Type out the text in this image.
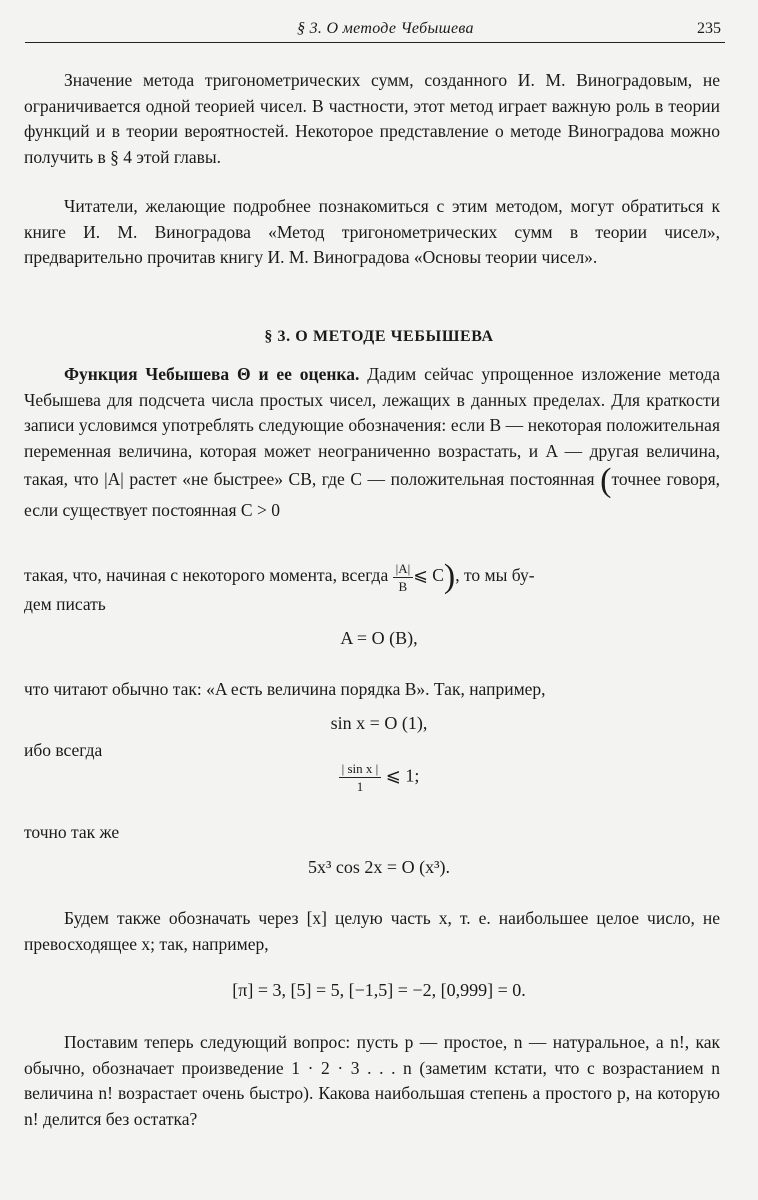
§ 3. О методе Чебышева	235

Значение метода тригонометрических сумм, созданного И. М. Виноградовым, не ограничивается одной теорией чисел. В частности, этот метод играет важную роль в теории функций и в теории вероятностей. Некоторое представление о методе Виноградова можно получить в § 4 этой главы.

Читатели, желающие подробнее познакомиться с этим методом, могут обратиться к книге И. М. Виноградова «Метод тригонометрических сумм в теории чисел», предварительно прочитав книгу И. М. Виноградова «Основы теории чисел».

§ 3. О МЕТОДЕ ЧЕБЫШЕВА

Функция Чебышева Θ и ее оценка. Дадим сейчас упрощенное изложение метода Чебышева для подсчета числа простых чисел, лежащих в данных пределах. Для краткости записи условимся употреблять следующие обозначения: если B — некоторая положительная переменная величина, которая может неограниченно возрастать, и A — другая величина, такая, что |A| растет «не быстрее» CB, где C — положительная постоянная (точнее говоря, если существует постоянная C > 0

такая, что, начиная с некоторого момента, всегда $\frac{|A|}{B}$ ⩽ C), то мы бу-
дем писать
A = O (B),
что читают обычно так: «A есть величина порядка B». Так, например,
sin x = O (1),
ибо всегда
$\frac{\text{| sin x |}}{1}$ ⩽ 1;
точно так же
5x³ cos 2x = O (x³).

Будем также обозначать через [x] целую часть x, т. е. наибольшее целое число, не превосходящее x; так, например,

[π] = 3, [5] = 5, [−1,5] = −2, [0,999] = 0.

Поставим теперь следующий вопрос: пусть p — простое, n — натуральное, а n!, как обычно, обозначает произведение 1 · 2 · 3 . . . n (заметим кстати, что с возрастанием n величина n! возрастает очень быстро). Какова наибольшая степень a простого p, на которую n! делится без остатка?
